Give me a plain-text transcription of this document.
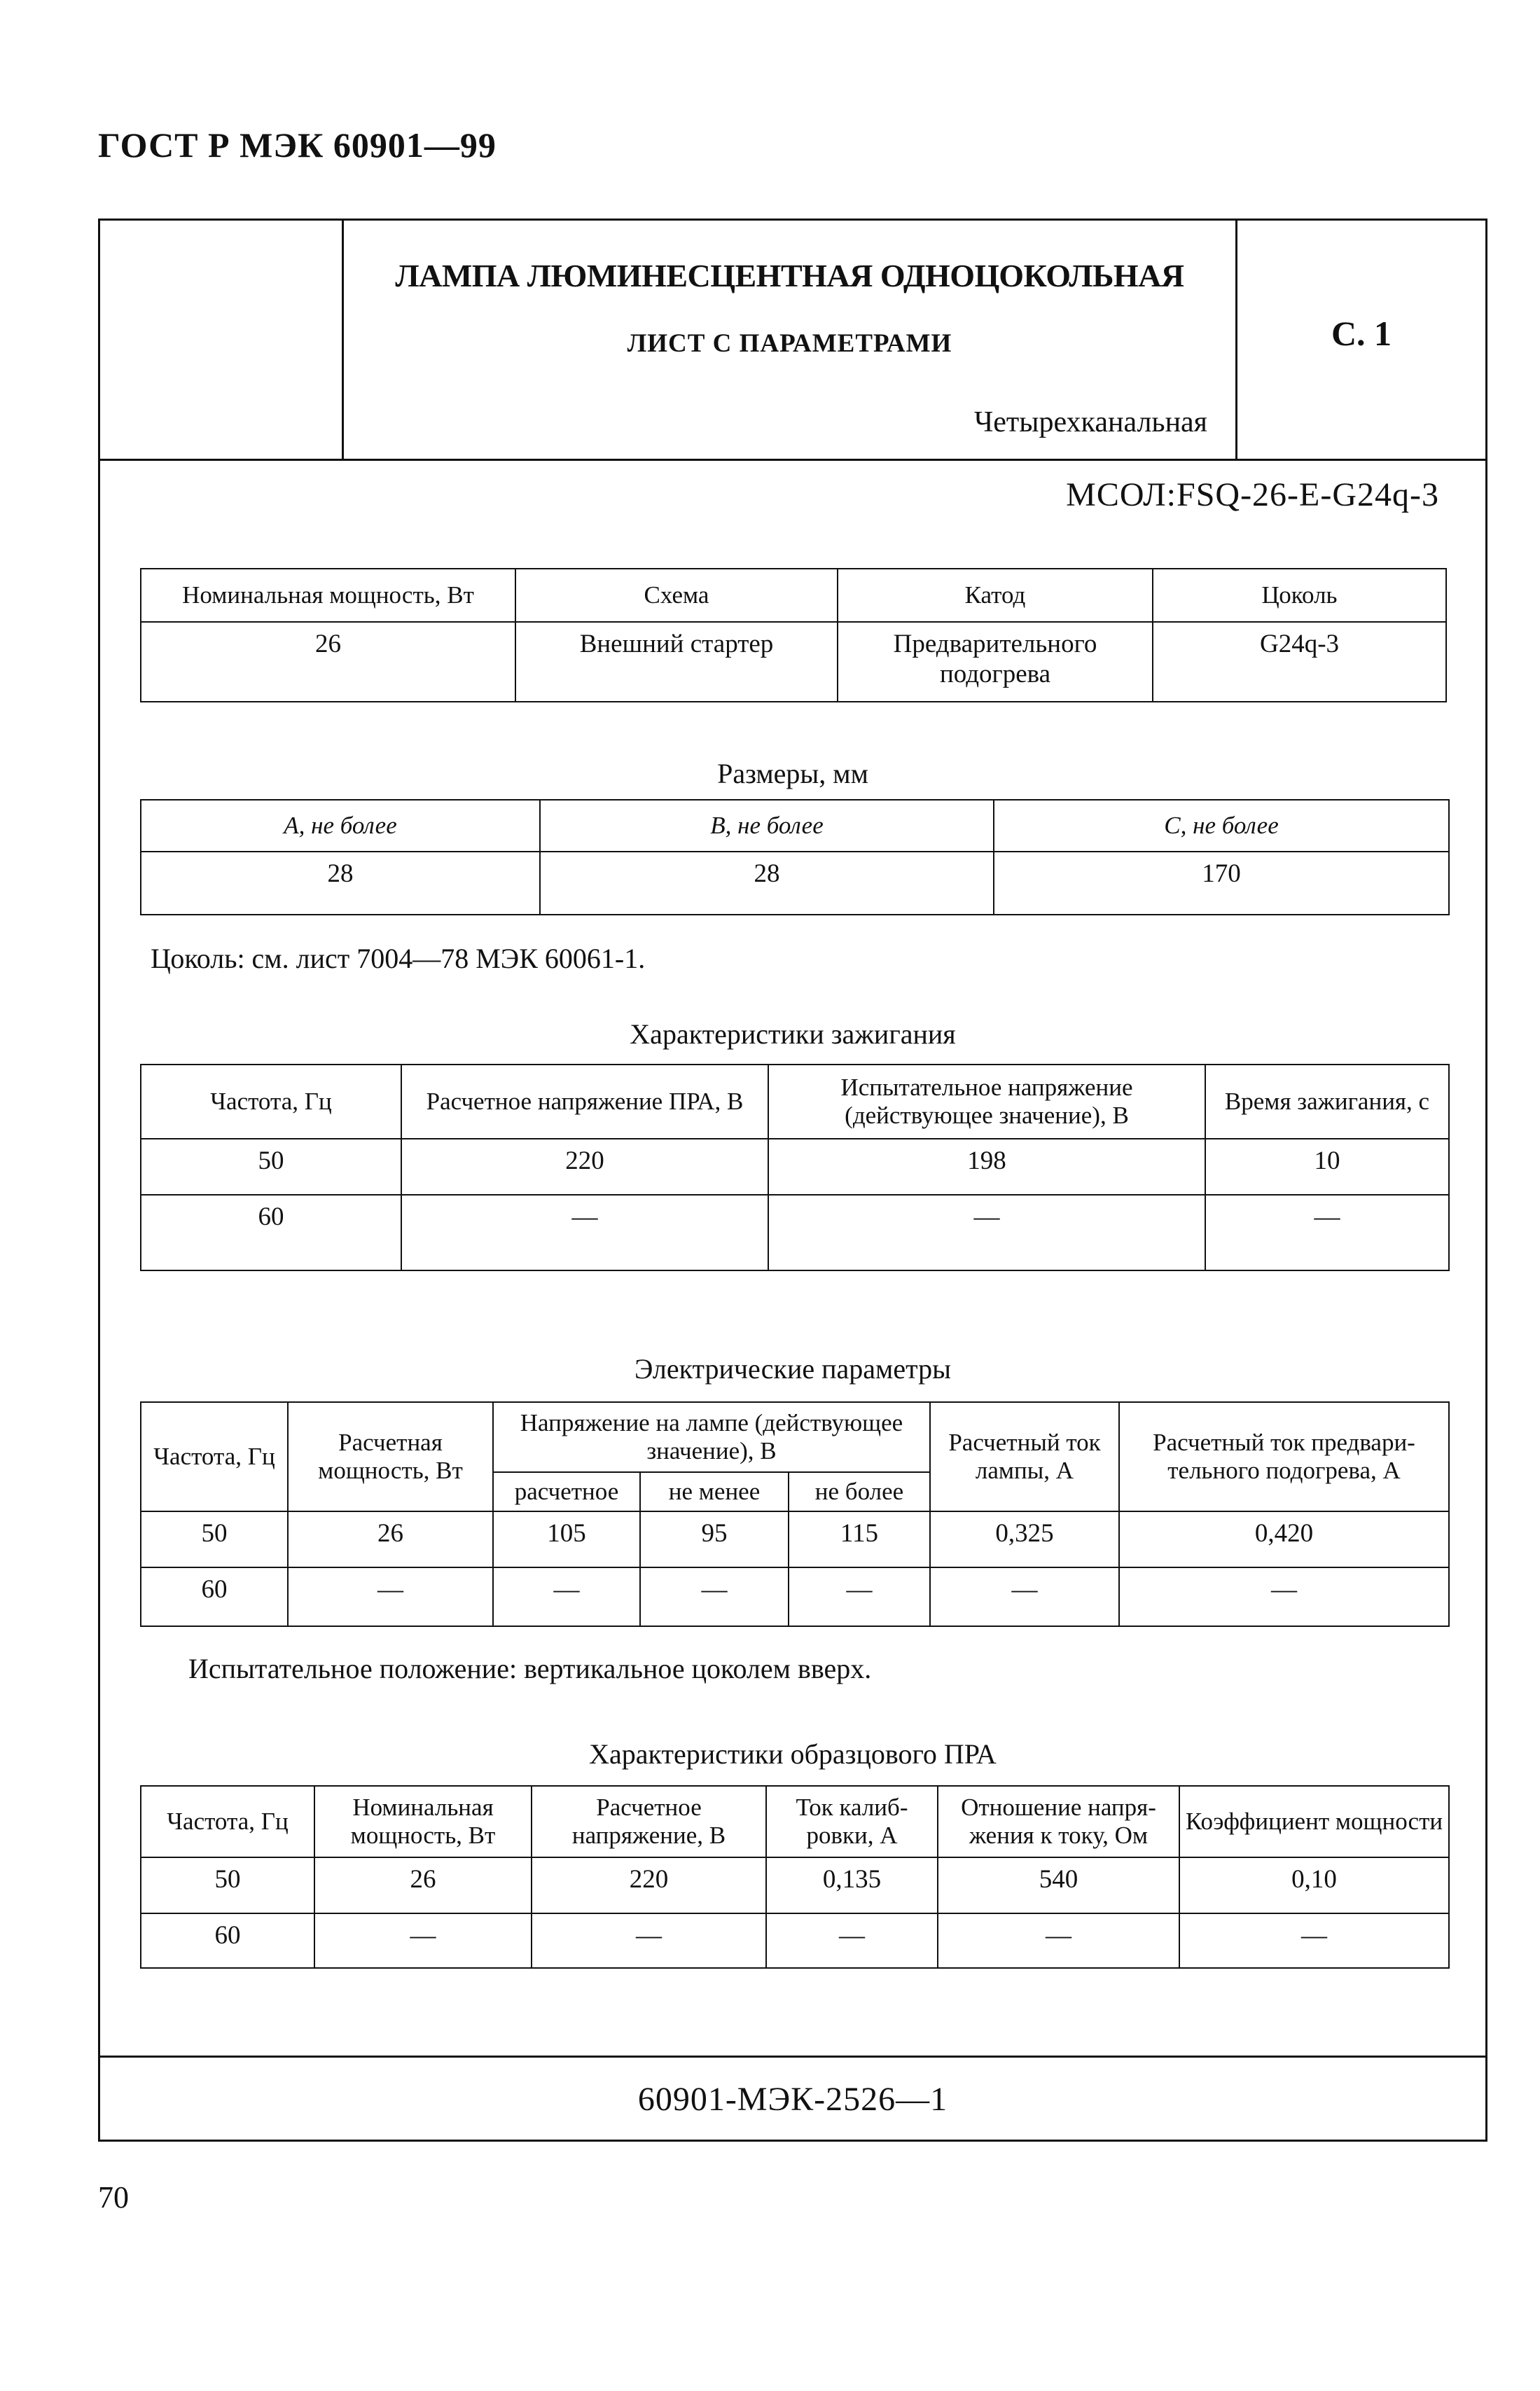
ГОСТ Р МЭК 60901—99
ЛАМПА ЛЮМИНЕСЦЕНТНАЯ ОДНОЦОКОЛЬНАЯ
ЛИСТ С ПАРАМЕТРАМИ
Четырехканальная
С. 1
МСОЛ:FSQ-26-E-G24q-3
Номинальная мощность, Вт	Схема	Катод	Цоколь
26	Внешний стартер	Предварительного подогрева	G24q-3
Размеры, мм
А, не более	В, не более	С, не более
28	28	170
Цоколь: см. лист 7004—78 МЭК 60061-1.
Характеристики зажигания
Частота, Гц	Расчетное напряжение ПРА, В	Испытательное напряжение (действующее значение), В	Время зажигания, с
50	220	198	10
60	—	—	—
Электрические параметры
Частота, Гц	Расчетная мощность, Вт	Напряжение на лампе (действующее значение), В			Расчетный ток лампы, А	Расчетный ток предвари-тельного подогрева, А
		расчетное	не менее	не более		
50	26	105	95	115	0,325	0,420
60	—	—	—	—	—	—
Испытательное положение: вертикальное цоколем вверх.
Характеристики образцового ПРА
Частота, Гц	Номинальная мощность, Вт	Расчетное напряжение, В	Ток калиб-ровки, А	Отношение напря-жения к току, Ом	Коэффициент мощности
50	26	220	0,135	540	0,10
60	—	—	—	—	—
60901-МЭК-2526—1
70
